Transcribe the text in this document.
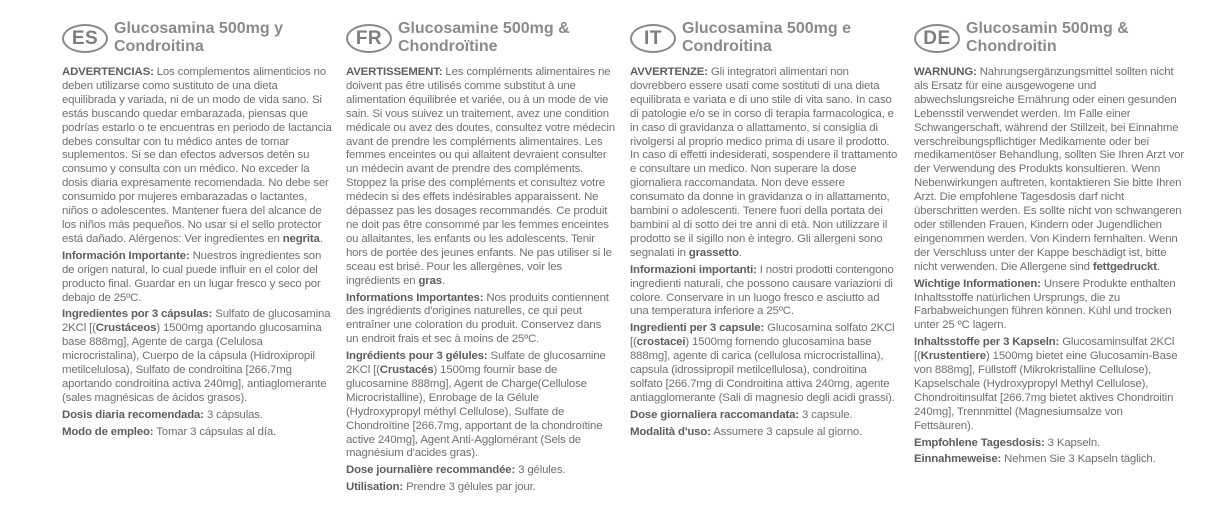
ES Glucosamina 500mg y Condroitina

ADVERTENCIAS: Los complementos alimenticios no deben utilizarse como sustituto de una dieta equilibrada y variada, ni de un modo de vida sano. Si estás buscando quedar embarazada, piensas que podrías estarlo o te encuentras en periodo de lactancia debes consultar con tu médico antes de tomar suplementos. Si se dan efectos adversos detén su consumo y consulta con un médico. No exceder la dosis diaria expresamente recomendada. No debe ser consumido por mujeres embarazadas o lactantes, niños o adolescentes. Mantener fuera del alcance de los niños más pequeños. No usar si el sello protector está dañado. Alérgenos: Ver ingredientes en negrita.

Información Importante: Nuestros ingredientes son de origen natural, lo cual puede influir en el color del producto final. Guardar en un lugar fresco y seco por debajo de 25ºC.

Ingredientes por 3 cápsulas: Sulfato de glucosamina 2KCl [(Crustáceos) 1500mg aportando glucosamina base 888mg], Agente de carga (Celulosa microcristalina), Cuerpo de la cápsula (Hidroxipropil metilcelulosa), Sulfato de condroitina [266.7mg aportando condroitina activa 240mg], antiaglomerante (sales magnésicas de ácidos grasos).

Dosis diaria recomendada: 3 cápsulas.

Modo de empleo: Tomar 3 cápsulas al día.

FR Glucosamine 500mg & Chondroïtine

AVERTISSEMENT: Les compléments alimentaires ne doivent pas être utilisés comme substitut à une alimentation équilibrée et variée, ou à un mode de vie sain. Si vous suivez un traitement, avez une condition médicale ou avez des doutes, consultez votre médecin avant de prendre les compléments alimentaires. Les femmes enceintes ou qui allaitent devraient consulter un médecin avant de prendre des compléments. Stoppez la prise des compléments et consultez votre médecin si des effets indésirables apparaissent. Ne dépassez pas les dosages recommandés. Ce produit ne doit pas être consommé par les femmes enceintes ou allaitantes, les enfants ou les adolescents. Tenir hors de portée des jeunes enfants. Ne pas utiliser si le sceau est brisé. Pour les allergènes, voir les ingrédients en gras.

Informations Importantes: Nos produits contiennent des ingrédients d'origines naturelles, ce qui peut entraîner une coloration du produit. Conservez dans un endroit frais et sec à moins de 25ºC.

Ingrédients pour 3 gélules: Sulfate de glucosamine 2KCl [(Crustacés) 1500mg fournir base de glucosamine 888mg], Agent de Charge(Cellulose Microcristalline), Enrobage de la Gélule (Hydroxypropyl méthyl Cellulose), Sulfate de Chondroïtine [266.7mg, apportant de la chondroïtine active 240mg], Agent Anti-Agglomérant (Sels de magnésium d'acides gras).

Dose journalière recommandée: 3 gélules.

Utilisation: Prendre 3 gélules par jour.

IT	Glucosamina 500mg e Condroitina

AVVERTENZE: Gli integratori alimentari non dovrebbero essere usati come sostituti di una dieta equilibrata e variata e di uno stile di vita sano. In caso di patologie e/o se in corso di terapia farmacologica, e in caso di gravidanza o allattamento, si consiglia di rivolgersi al proprio medico prima di usare il prodotto. In caso di effetti indesiderati, sospendere il trattamento e consultare un medico. Non superare la dose giornaliera raccomandata. Non deve essere consumato da donne in gravidanza o in allattamento, bambini o adolescenti. Tenere fuori della portata dei bambini al di sotto dei tre anni di età. Non utilizzare il prodotto se il sigillo non è integro. Gli allergeni sono segnalati in grassetto.

Informazioni importanti: I nostri prodotti contengono ingredienti naturali, che possono causare variazioni di colore. Conservare in un luogo fresco e asciutto ad una temperatura inferiore a 25ºC.

Ingredienti per 3 capsule: Glucosamina solfato 2KCl [(crostacei) 1500mg fornendo glucosamina base 888mg], agente di carica (cellulosa microcristallina), capsula (idrossipropil metilcellulosa), condroitina solfato [266.7mg di Condroitina attiva 240mg, agente antiagglomerante (Sali di magnesio degli acidi grassi).

Dose giornaliera raccomandata: 3 capsule.

Modalità d'uso: Assumere 3 capsule al giorno.

DE Glucosamin 500mg & Chondroitin

WARNUNG: Nahrungsergänzungsmittel sollten nicht als Ersatz für eine ausgewogene und abwechslungsreiche Ernährung oder einen gesunden Lebensstil verwendet werden. Im Falle einer Schwangerschaft, während der Stillzeit, bei Einnahme verschreibungspflichtiger Medikamente oder bei medikamentöser Behandlung, sollten Sie Ihren Arzt vor der Verwendung des Produkts konsultieren. Wenn Nebenwirkungen auftreten, kontaktieren Sie bitte Ihren Arzt. Die empfohlene Tagesdosis darf nicht überschritten werden. Es sollte nicht von schwangeren oder stillenden Frauen, Kindern oder Jugendlichen eingenommen werden. Von Kindern fernhalten. Wenn der Verschluss unter der Kappe beschädigt ist, bitte nicht verwenden. Die Allergene sind fettgedruckt.

Wichtige Informationen: Unsere Produkte enthalten Inhaltsstoffe natürlichen Ursprungs, die zu Farbabweichungen führen können. Kühl und trocken unter 25 ºC lagern.

Inhaltsstoffe per 3 Kapseln: Glucosaminsulfat 2KCl [(Krustentiere) 1500mg bietet eine Glucosamin-Base von 888mg], Füllstoff (Mikrokristalline Cellulose), Kapselschale (Hydroxypropyl Methyl Cellulose), Chondroitinsulfat [266.7mg bietet aktives Chondroitin 240mg], Trennmittel (Magnesiumsalze von Fettsäuren).

Empfohlene Tagesdosis: 3 Kapseln.

Einnahmeweise: Nehmen Sie 3 Kapseln täglich.
